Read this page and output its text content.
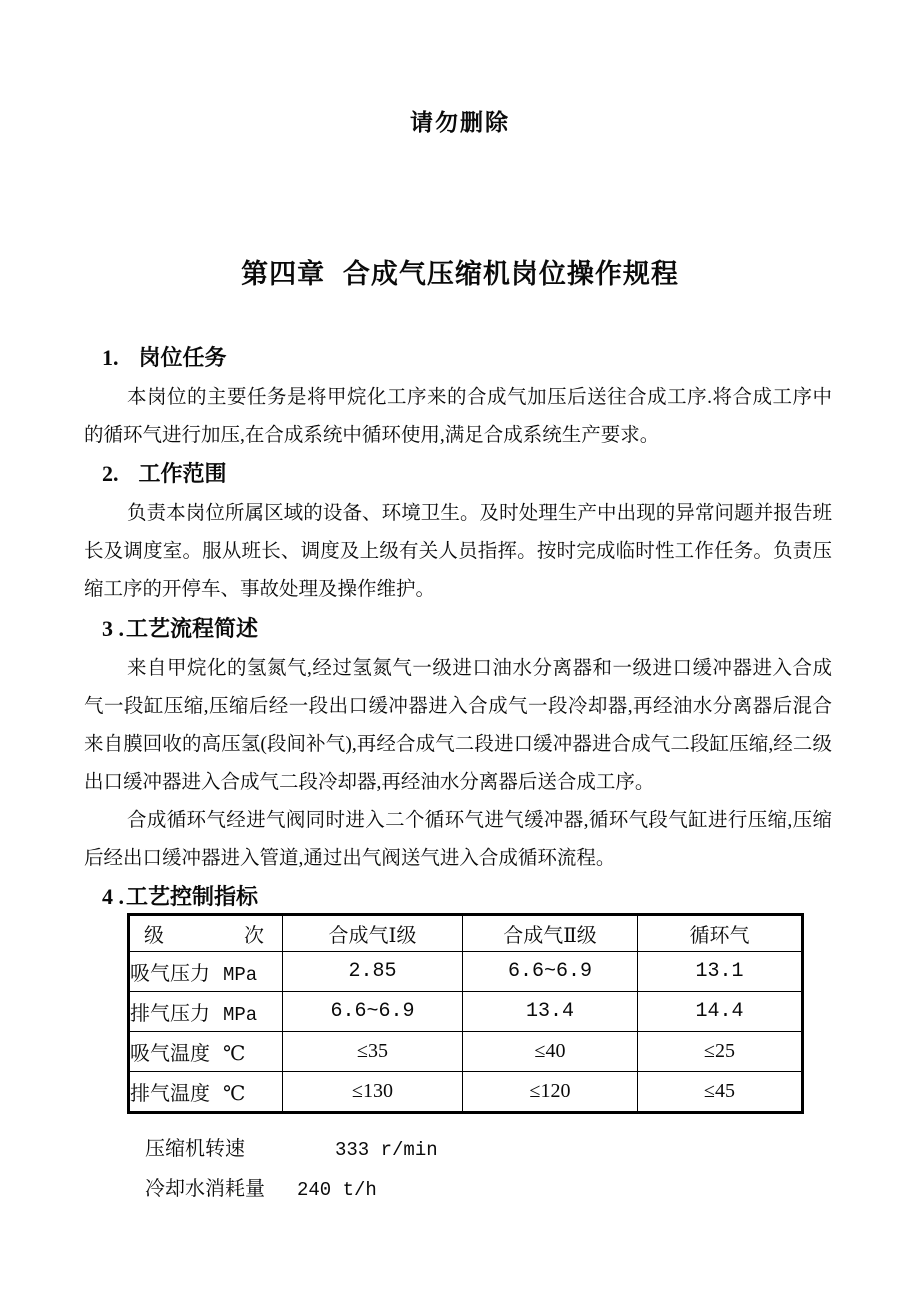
请勿删除
第四章 合成气压缩机岗位操作规程
1. 岗位任务

本岗位的主要任务是将甲烷化工序来的合成气加压后送往合成工序.将合成工序中的循环气进行加压,在合成系统中循环使用,满足合成系统生产要求。

2. 工作范围

负责本岗位所属区域的设备、环境卫生。及时处理生产中出现的异常问题并报告班长及调度室。服从班长、调度及上级有关人员指挥。按时完成临时性工作任务。负责压缩工序的开停车、事故处理及操作维护。

3 .工艺流程简述

来自甲烷化的氢氮气,经过氢氮气一级进口油水分离器和一级进口缓冲器进入合成气一段缸压缩,压缩后经一段出口缓冲器进入合成气一段冷却器,再经油水分离器后混合来自膜回收的高压氢(段间补气),再经合成气二段进口缓冲器进合成气二段缸压缩,经二级出口缓冲器进入合成气二段冷却器,再经油水分离器后送合成工序。

合成循环气经进气阀同时进入二个循环气进气缓冲器,循环气段气缸进行压缩,压缩后经出口缓冲器进入管道,通过出气阀送气进入合成循环流程。

4 .工艺控制指标
级 次	合成气Ⅰ级	合成气Ⅱ级	循环气
吸气压力 MPa	2.85	6.6~6.9	13.1
排气压力 MPa	6.6~6.9	13.4	14.4
吸气温度 ℃	≤35	≤40	≤25
排气温度 ℃	≤130	≤120	≤45
压缩机转速	333 r/min
冷却水消耗量 240 t/h
